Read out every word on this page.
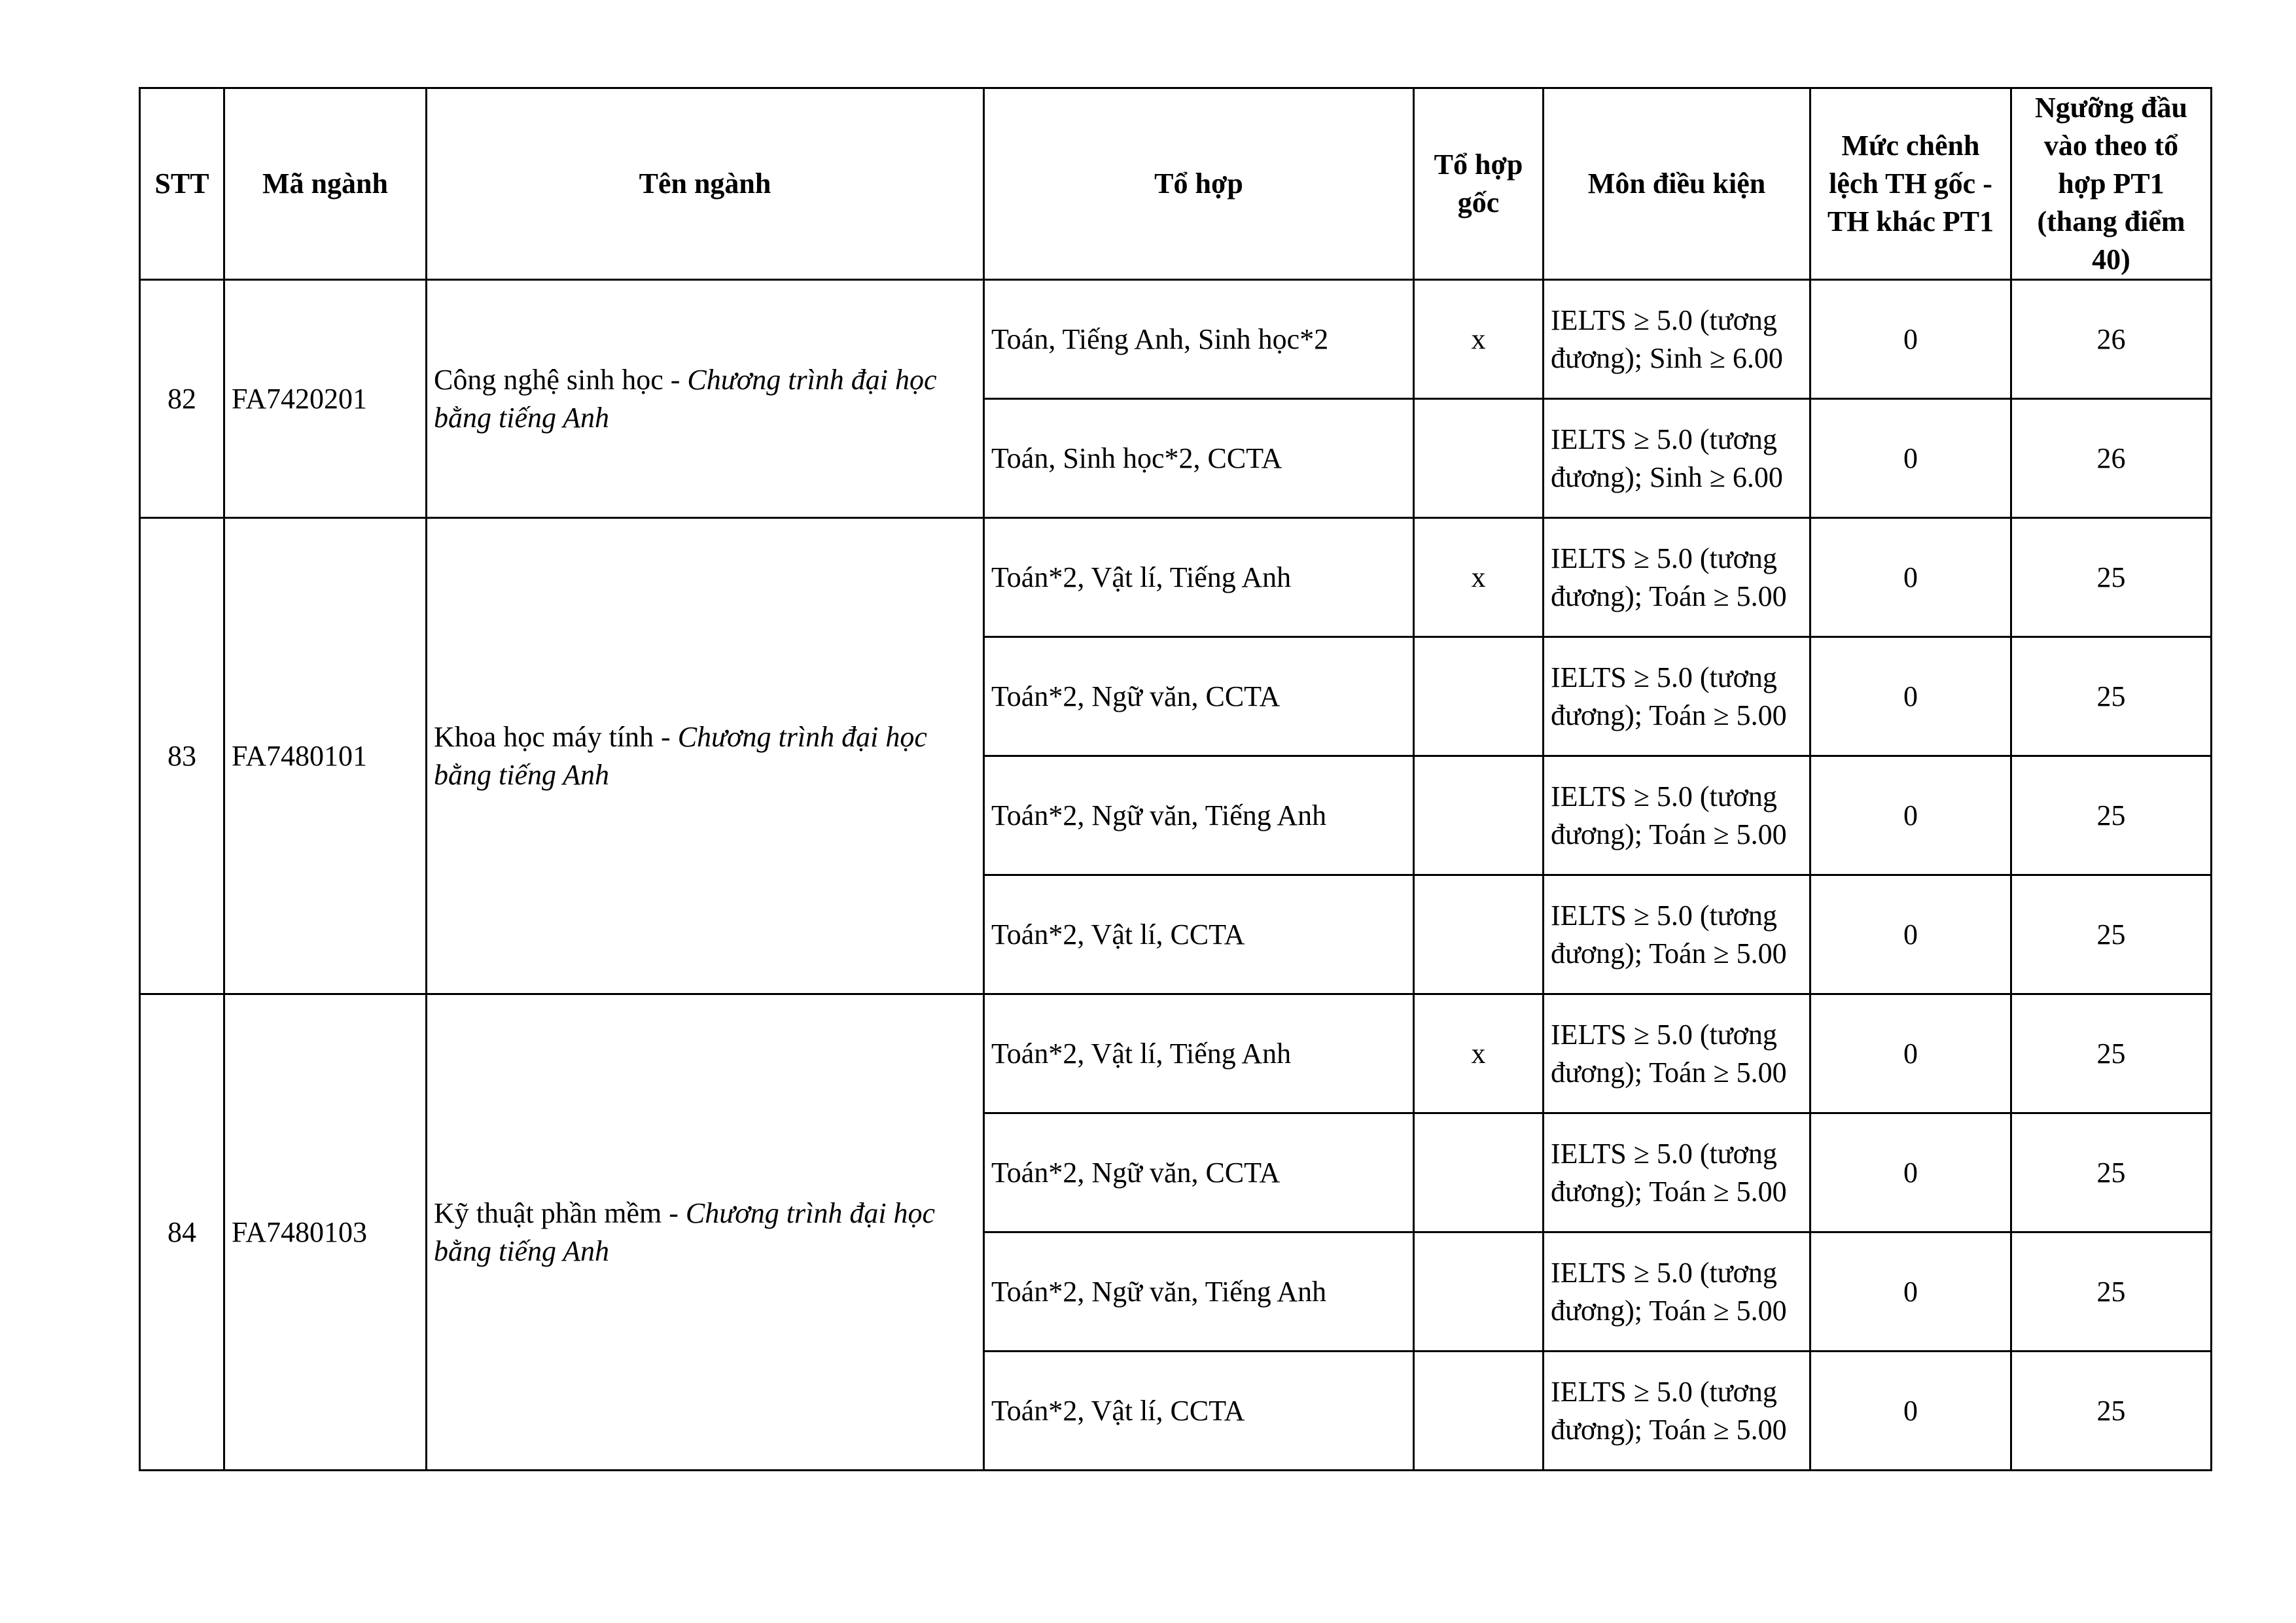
STT	Mã ngành	Tên ngành	Tổ hợp	Tổ hợp gốc	Môn điều kiện	Mức chênh lệch TH gốc - TH khác PT1	Ngưỡng đầu vào theo tổ hợp PT1 (thang điểm 40)
82	FA7420201	Công nghệ sinh học - Chương trình đại học bằng tiếng Anh	Toán, Tiếng Anh, Sinh học*2	x	IELTS ≥ 5.0 (tương đương); Sinh ≥ 6.00	0	26
			Toán, Sinh học*2, CCTA		IELTS ≥ 5.0 (tương đương); Sinh ≥ 6.00	0	26
83	FA7480101	Khoa học máy tính - Chương trình đại học bằng tiếng Anh	Toán*2, Vật lí, Tiếng Anh	x	IELTS ≥ 5.0 (tương đương); Toán ≥ 5.00	0	25
			Toán*2, Ngữ văn, CCTA		IELTS ≥ 5.0 (tương đương); Toán ≥ 5.00	0	25
			Toán*2, Ngữ văn, Tiếng Anh		IELTS ≥ 5.0 (tương đương); Toán ≥ 5.00	0	25
			Toán*2, Vật lí, CCTA		IELTS ≥ 5.0 (tương đương); Toán ≥ 5.00	0	25
84	FA7480103	Kỹ thuật phần mềm - Chương trình đại học bằng tiếng Anh	Toán*2, Vật lí, Tiếng Anh	x	IELTS ≥ 5.0 (tương đương); Toán ≥ 5.00	0	25
			Toán*2, Ngữ văn, CCTA		IELTS ≥ 5.0 (tương đương); Toán ≥ 5.00	0	25
			Toán*2, Ngữ văn, Tiếng Anh		IELTS ≥ 5.0 (tương đương); Toán ≥ 5.00	0	25
			Toán*2, Vật lí, CCTA		IELTS ≥ 5.0 (tương đương); Toán ≥ 5.00	0	25
